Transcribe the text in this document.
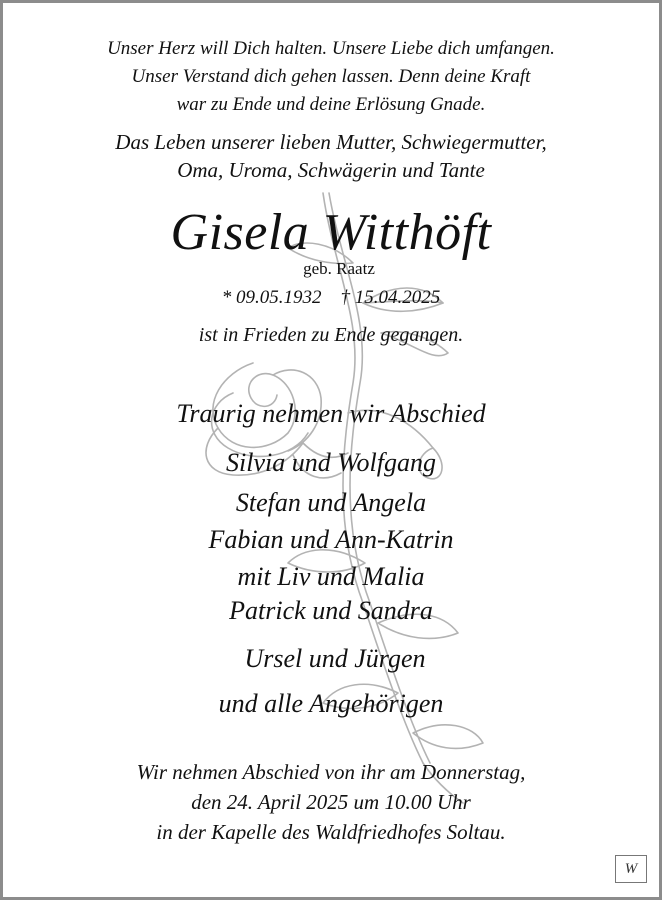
Unser Herz will Dich halten. Unsere Liebe dich umfangen.
Unser Verstand dich gehen lassen. Denn deine Kraft
war zu Ende und deine Erlösung Gnade.
Das Leben unserer lieben Mutter, Schwiegermutter,
Oma, Uroma, Schwägerin und Tante
Gisela Witthöft
geb. Raatz
* 09.05.1932    † 15.04.2025
ist in Frieden zu Ende gegangen.
Traurig nehmen wir Abschied
Silvia und Wolfgang
Stefan und Angela
Fabian und Ann-Katrin
mit Liv und Malia
Patrick und Sandra
Ursel und Jürgen
und alle Angehörigen
Wir nehmen Abschied von ihr am Donnerstag,
den 24. April 2025 um 10.00 Uhr
in der Kapelle des Waldfriedhofes Soltau.
W
